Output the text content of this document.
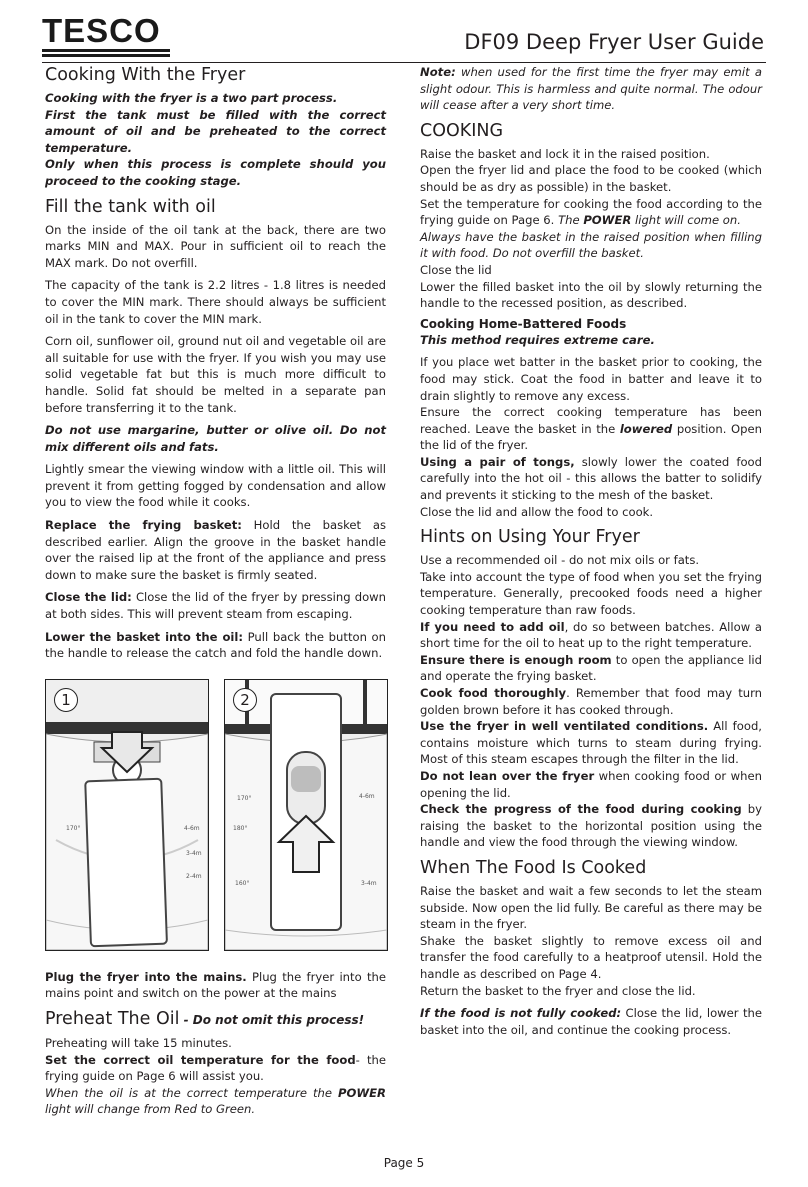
TESCO	DF09 Deep Fryer User Guide
Cooking With the Fryer

Cooking with the fryer is a two part process.

First the tank must be filled with the correct amount of oil and be preheated to the correct temperature.

Only when this process is complete should you proceed to the cooking stage.

Fill the tank with oil

On the inside of the oil tank at the back, there are two marks MIN and MAX. Pour in sufficient oil to reach the MAX mark. Do not overfill.

The capacity of the tank is 2.2 litres - 1.8 litres is needed to cover the MIN mark. There should always be sufficient oil in the tank to cover the MIN mark.

Corn oil, sunflower oil, ground nut oil and vegetable oil are all suitable for use with the fryer. If you wish you may use solid vegetable fat but this is much more difficult to handle. Solid fat should be melted in a separate pan before transferring it to the tank.

Do not use margarine, butter or olive oil. Do not mix different oils and fats.

Lightly smear the viewing window with a little oil. This will prevent it from getting fogged by condensation and allow you to view the food while it cooks.

Replace the frying basket: Hold the basket as described earlier. Align the groove in the basket handle over the raised lip at the front of the appliance and press down to make sure the basket is firmly seated.

Close the lid: Close the lid of the fryer by pressing down at both sides. This will prevent steam from escaping.

Lower the basket into the oil: Pull back the button on the handle to release the catch and fold the handle down.

170°	4-6m
3-4m
2-4m
1
170°
180°
160°
4-6m
3-4m
2

Plug the fryer into the mains. Plug the fryer into the mains point and switch on the power at the mains

Preheat The Oil - Do not omit this process!

Preheating will take 15 minutes.

Set the correct oil temperature for the food- the frying guide on Page 6 will assist you.

When the oil is at the correct temperature the POWER light will change from Red to Green.

Note: when used for the first time the fryer may emit a slight odour. This is harmless and quite normal. The odour will cease after a very short time.

COOKING

Raise the basket and lock it in the raised position.

Open the fryer lid and place the food to be cooked (which should be as dry as possible) in the basket.

Set the temperature for cooking the food according to the frying guide on Page 6. The POWER light will come on.

Always have the basket in the raised position when filling it with food. Do not overfill the basket.

Close the lid

Lower the filled basket into the oil by slowly returning the handle to the recessed position, as described.

Cooking Home-Battered Foods

This method requires extreme care.

If you place wet batter in the basket prior to cooking, the food may stick. Coat the food in batter and leave it to drain slightly to remove any excess.

Ensure the correct cooking temperature has been reached. Leave the basket in the lowered position. Open the lid of the fryer.

Using a pair of tongs, slowly lower the coated food carefully into the hot oil - this allows the batter to solidify and prevents it sticking to the mesh of the basket.

Close the lid and allow the food to cook.

Hints on Using Your Fryer

Use a recommended oil - do not mix oils or fats.

Take into account the type of food when you set the frying temperature. Generally, precooked foods need a higher cooking temperature than raw foods.

If you need to add oil, do so between batches. Allow a short time for the oil to heat up to the right temperature.

Ensure there is enough room to open the appliance lid and operate the frying basket.

Cook food thoroughly. Remember that food may turn golden brown before it has cooked through.

Use the fryer in well ventilated conditions. All food, contains moisture which turns to steam during frying. Most of this steam escapes through the filter in the lid.

Do not lean over the fryer when cooking food or when opening the lid.

Check the progress of the food during cooking by raising the basket to the horizontal position using the handle and view the food through the viewing window.

When The Food Is Cooked

Raise the basket and wait a few seconds to let the steam subside. Now open the lid fully. Be careful as there may be steam in the fryer.

Shake the basket slightly to remove excess oil and transfer the food carefully to a heatproof utensil. Hold the handle as described on Page 4.

Return the basket to the fryer and close the lid.

If the food is not fully cooked: Close the lid, lower the basket into the oil, and continue the cooking process.

Page 5
